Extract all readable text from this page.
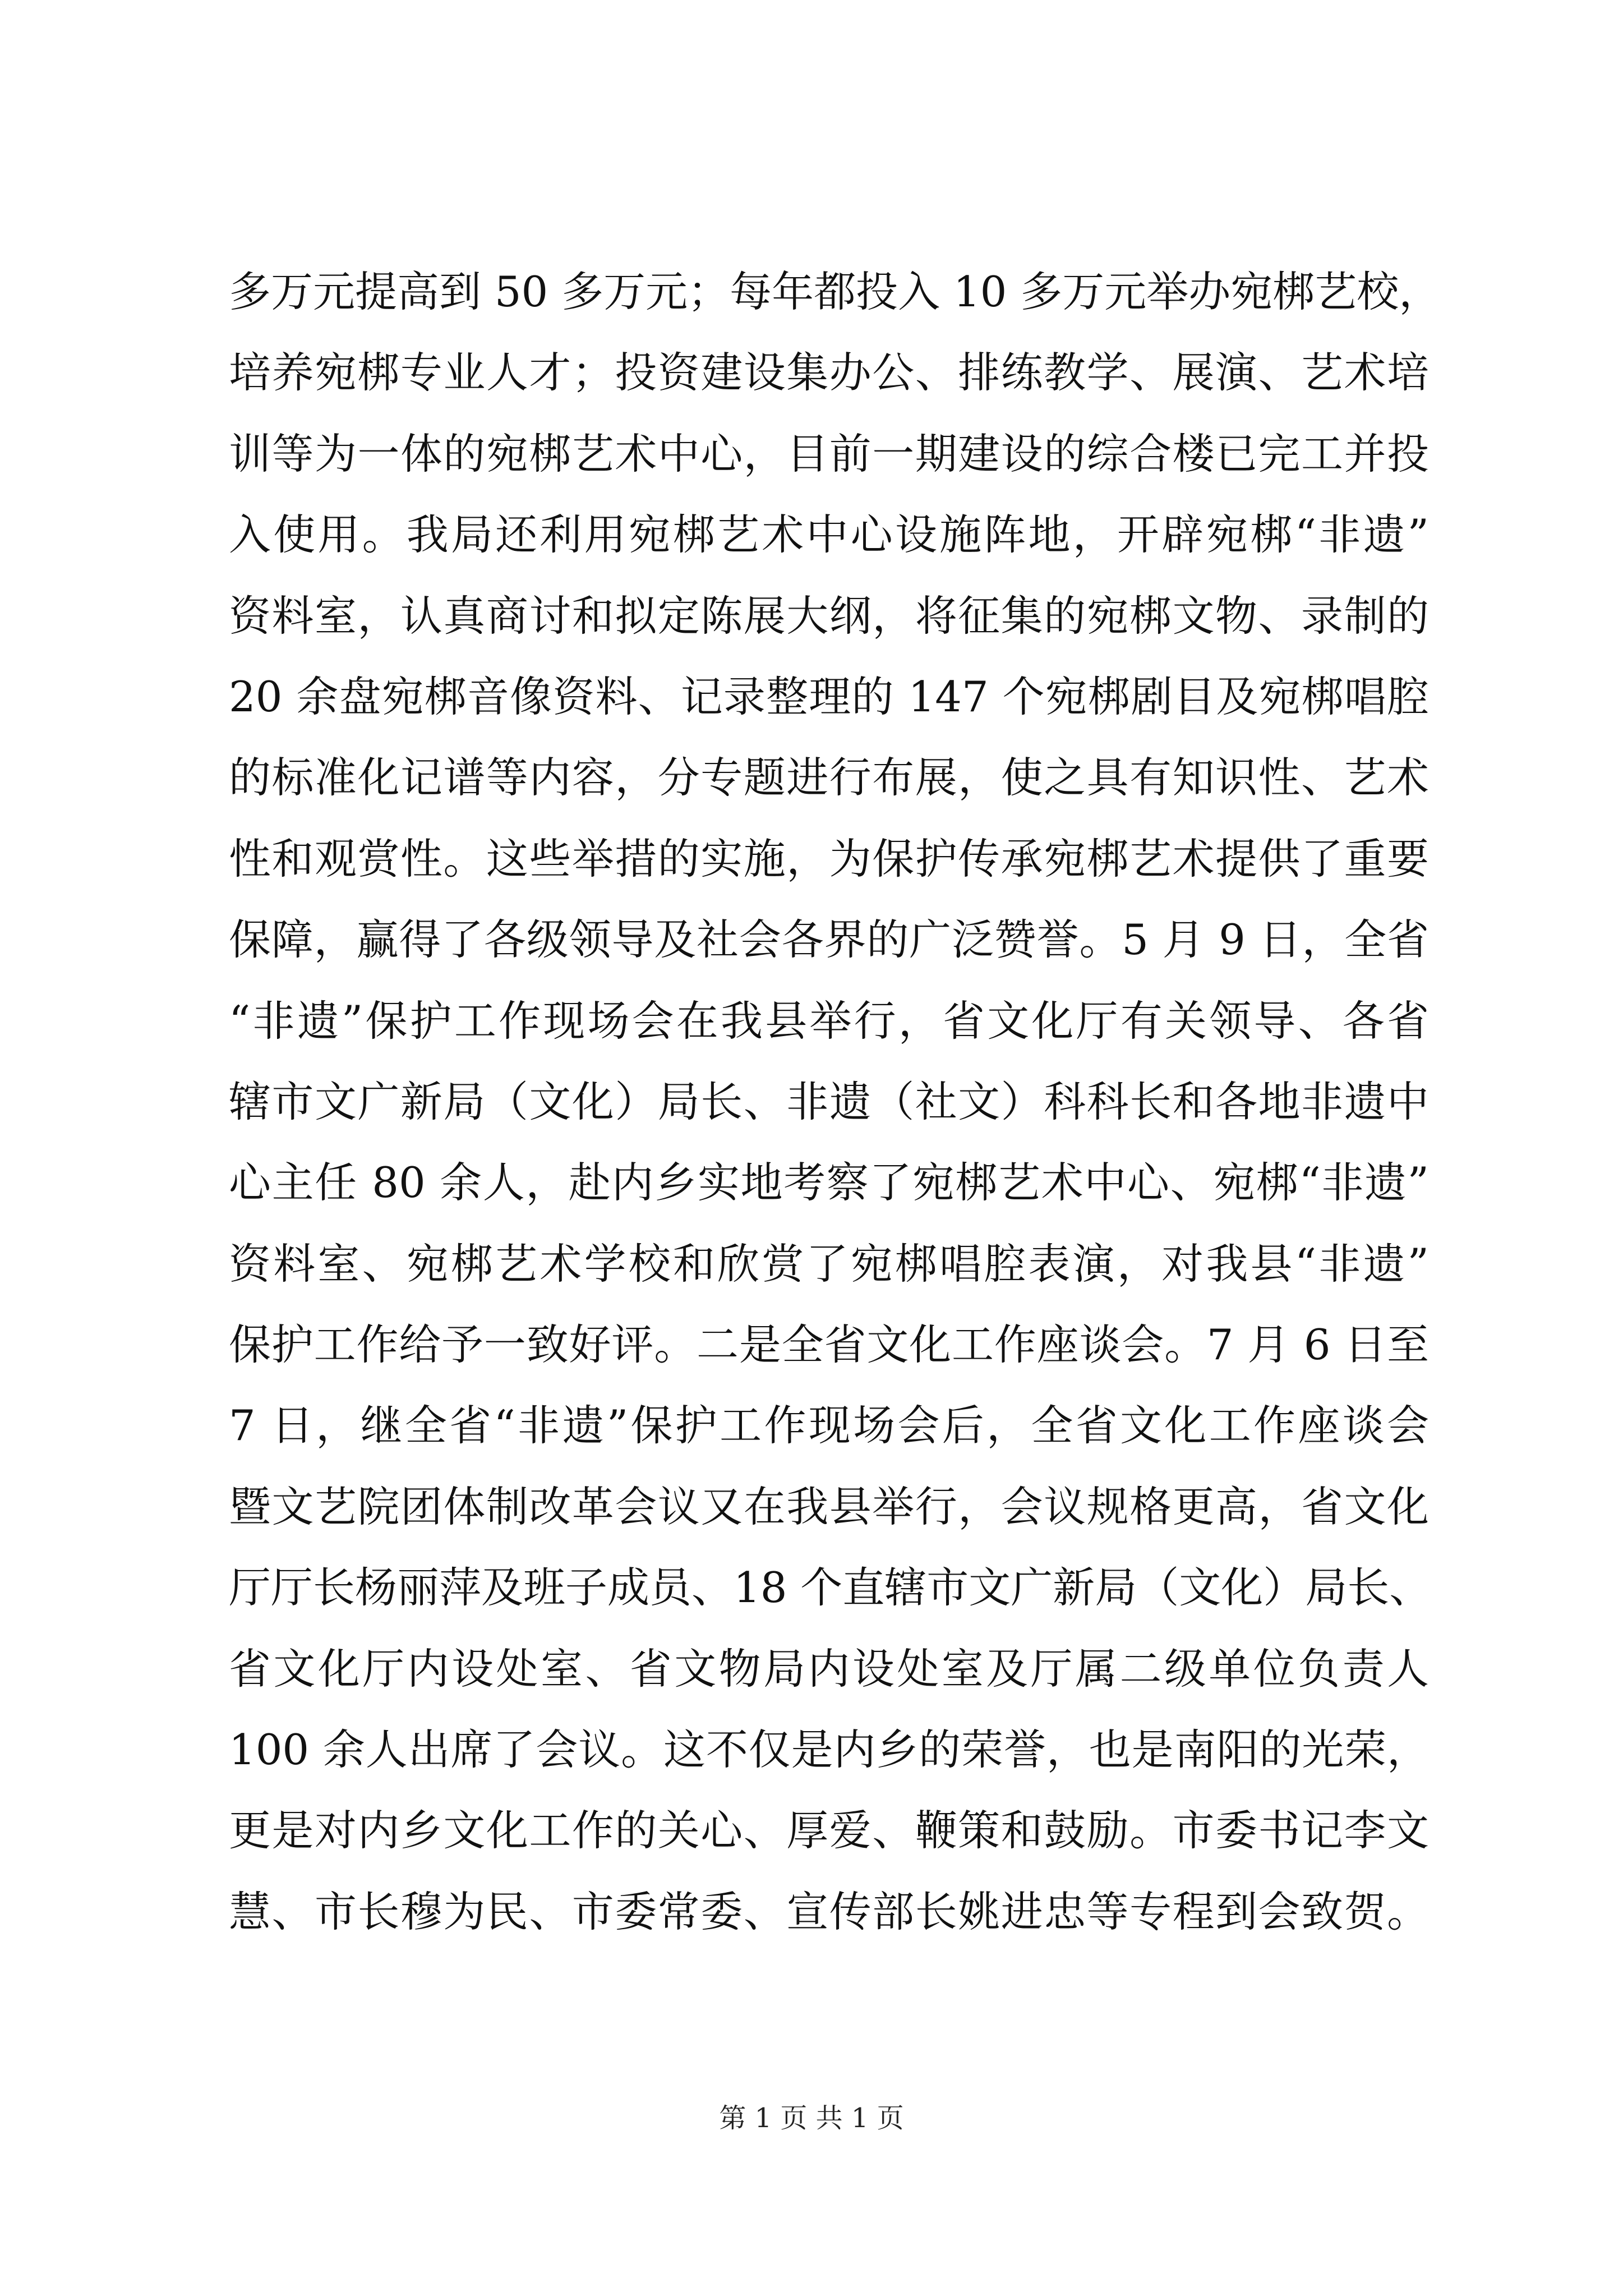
多万元提高到 50 多万元；每年都投入 10 多万元举办宛梆艺校，
培养宛梆专业人才；投资建设集办公、排练教学、展演、艺术培
训等为一体的宛梆艺术中心，目前一期建设的综合楼已完工并投
入使用。我局还利用宛梆艺术中心设施阵地，开辟宛梆“非遗”
资料室，认真商讨和拟定陈展大纲，将征集的宛梆文物、录制的
20 余盘宛梆音像资料、记录整理的 147 个宛梆剧目及宛梆唱腔
的标准化记谱等内容，分专题进行布展，使之具有知识性、艺术
性和观赏性。这些举措的实施，为保护传承宛梆艺术提供了重要
保障，赢得了各级领导及社会各界的广泛赞誉。5 月 9 日，全省
“非遗”保护工作现场会在我县举行，省文化厅有关领导、各省
辖市文广新局（文化）局长、非遗（社文）科科长和各地非遗中
心主任 80 余人，赴内乡实地考察了宛梆艺术中心、宛梆“非遗”
资料室、宛梆艺术学校和欣赏了宛梆唱腔表演，对我县“非遗”
保护工作给予一致好评。二是全省文化工作座谈会。7 月 6 日至
7 日，继全省“非遗”保护工作现场会后，全省文化工作座谈会
暨文艺院团体制改革会议又在我县举行，会议规格更高，省文化
厅厅长杨丽萍及班子成员、18 个直辖市文广新局（文化）局长、
省文化厅内设处室、省文物局内设处室及厅属二级单位负责人
100 余人出席了会议。这不仅是内乡的荣誉，也是南阳的光荣，
更是对内乡文化工作的关心、厚爱、鞭策和鼓励。市委书记李文
慧、市长穆为民、市委常委、宣传部长姚进忠等专程到会致贺。
第 1 页 共 1 页
